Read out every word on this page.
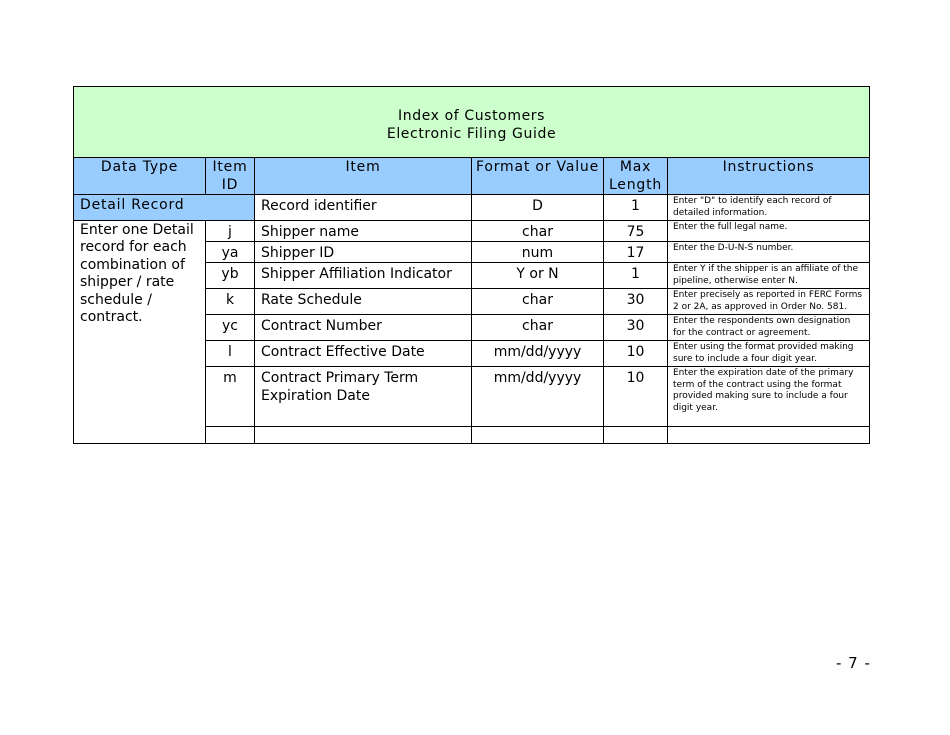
Index of Customers
Electronic Filing Guide					

Data Type	Item ID	Item	Format or Value	Max Length	Instructions
Detail Record		Record identifier	D	1	Enter "D" to identify each record of detailed information.
Enter one Detail record for each combination of shipper / rate schedule / contract.	j	Shipper name	char	75	Enter the full legal name.
	ya	Shipper ID	num	17	Enter the D-U-N-S number.
	yb	Shipper Affiliation Indicator	Y or N	1	Enter Y if the shipper is an affiliate of the pipeline, otherwise enter N.
	k	Rate Schedule	char	30	Enter precisely as reported in FERC Forms 2 or 2A, as approved in Order No. 581.
	yc	Contract Number	char	30	Enter the respondents own designation for the contract or agreement.
	l	Contract Effective Date	mm/dd/yyyy	10	Enter using the format provided making sure to include a four digit year.
	m	Contract Primary Term Expiration Date	mm/dd/yyyy	10	Enter the expiration date of the primary term of the contract using the format provided making sure to include a four digit year.

- 7 -
